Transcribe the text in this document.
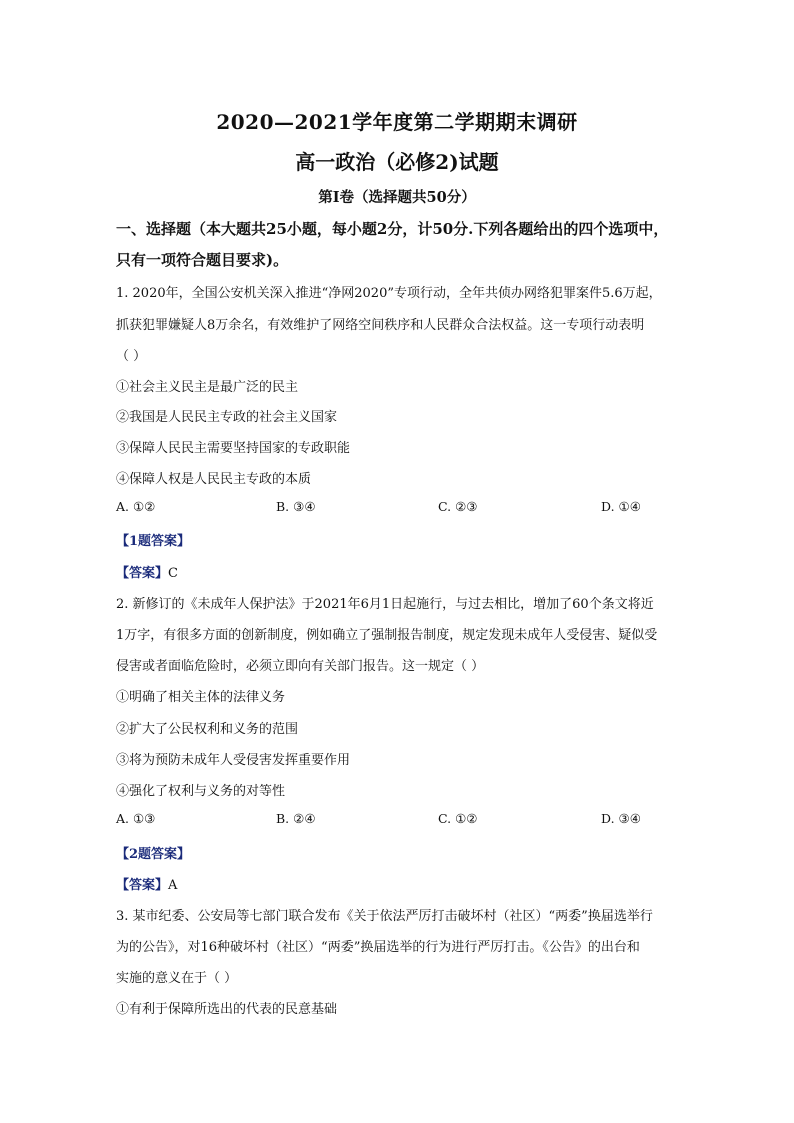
2020—2021学年度第二学期期末调研
高一政治（必修2)试题
第Ⅰ卷（选择题共50分）
一、选择题（本大题共25小题，每小题2分，计50分.下列各题给出的四个选项中，
只有一项符合题目要求)。
1. 2020年，全国公安机关深入推进“净网2020”专项行动，全年共侦办网络犯罪案件5.6万起，
抓获犯罪嫌疑人8万余名，有效维护了网络空间秩序和人民群众合法权益。这一专项行动表明
（ ）
①社会主义民主是最广泛的民主
②我国是人民民主专政的社会主义国家
③保障人民民主需要坚持国家的专政职能
④保障人权是人民民主专政的本质
A. ①②	B. ③④	C. ②③	D. ①④
【1题答案】
【答案】C
2. 新修订的《未成年人保护法》于2021年6月1日起施行，与过去相比，增加了60个条文将近
1万字，有很多方面的创新制度，例如确立了强制报告制度，规定发现未成年人受侵害、疑似受
侵害或者面临危险时，必须立即向有关部门报告。这一规定（ ）
①明确了相关主体的法律义务
②扩大了公民权利和义务的范围
③将为预防未成年人受侵害发挥重要作用
④强化了权利与义务的对等性
A. ①③	B. ②④	C. ①②	D. ③④
【2题答案】
【答案】A
3. 某市纪委、公安局等七部门联合发布《关于依法严厉打击破坏村（社区）“两委”换届选举行
为的公告》，对16种破坏村（社区）“两委”换届选举的行为进行严厉打击。《公告》的出台和
实施的意义在于（ ）
①有利于保障所选出的代表的民意基础
